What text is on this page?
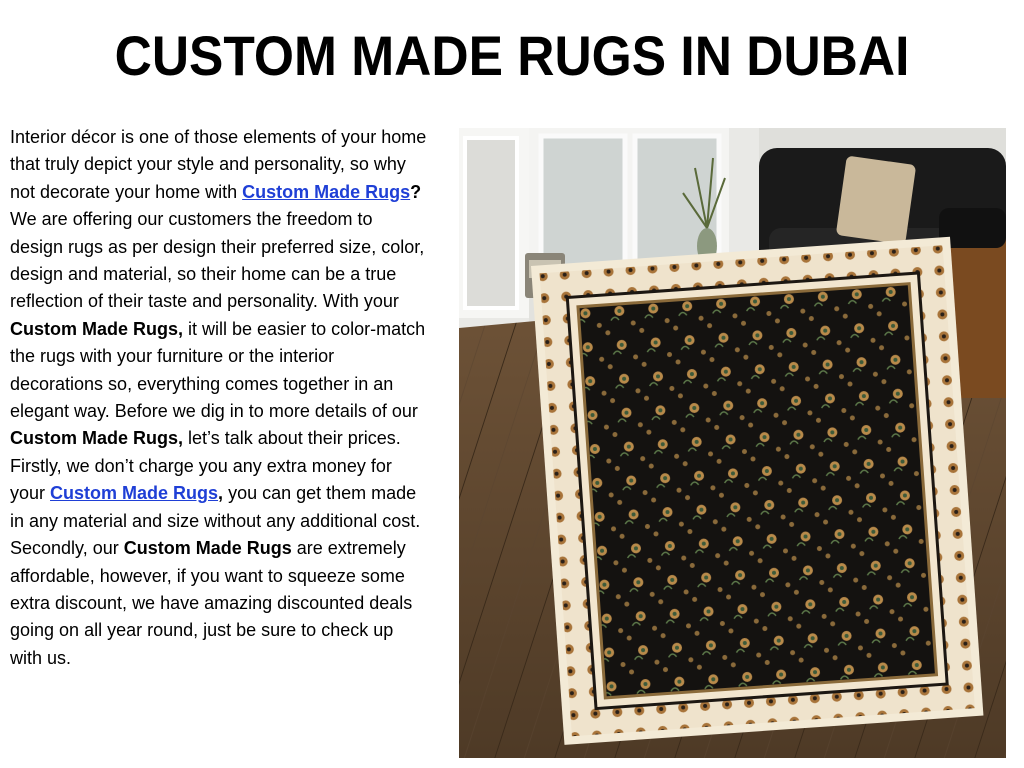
CUSTOM MADE RUGS IN DUBAI
Interior décor is one of those elements of your home that truly depict your style and personality, so why not decorate your home with Custom Made Rugs? We are offering our customers the freedom to design rugs as per design their preferred size, color, design and material, so their home can be a true reflection of their taste and personality. With your Custom Made Rugs, it will be easier to color-match the rugs with your furniture or the interior decorations so, everything comes together in an elegant way. Before we dig in to more details of our Custom Made Rugs, let’s talk about their prices. Firstly, we don’t charge you any extra money for your Custom Made Rugs, you can get them made in any material and size without any additional cost. Secondly, our Custom Made Rugs are extremely affordable, however, if you want to squeeze some extra discount, we have amazing discounted deals going on all year round, just be sure to check up with us.
